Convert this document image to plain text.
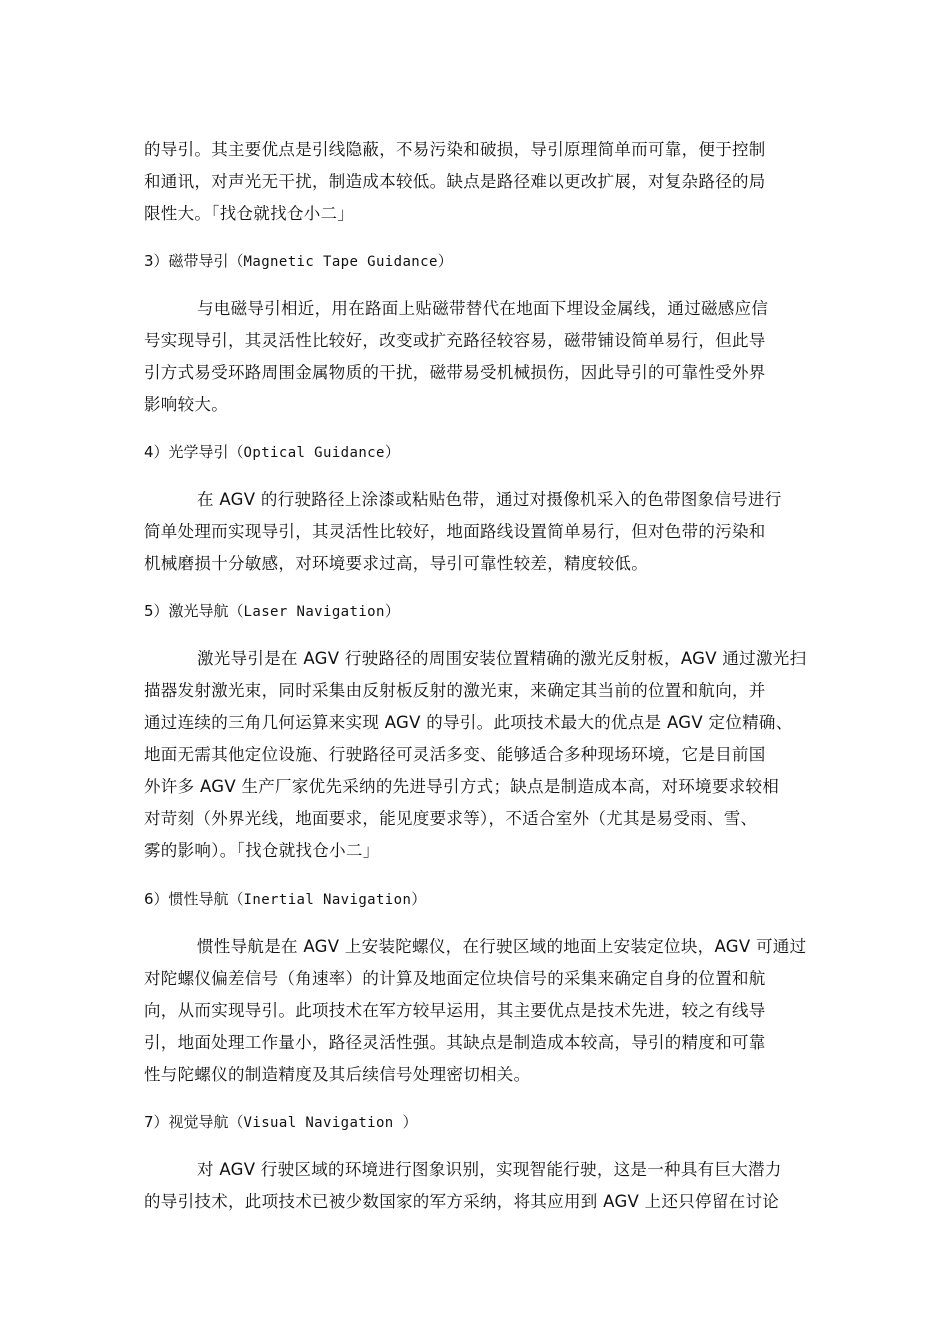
的导引。其主要优点是引线隐蔽，不易污染和破损，导引原理简单而可靠，便于控制
和通讯，对声光无干扰，制造成本较低。缺点是路径难以更改扩展，对复杂路径的局
限性大。「找仓就找仓小二」
3）磁带导引（Magnetic Tape Guidance）
与电磁导引相近，用在路面上贴磁带替代在地面下埋设金属线，通过磁感应信
号实现导引，其灵活性比较好，改变或扩充路径较容易，磁带铺设简单易行，但此导
引方式易受环路周围金属物质的干扰，磁带易受机械损伤，因此导引的可靠性受外界
影响较大。
4）光学导引（Optical Guidance）
在 AGV 的行驶路径上涂漆或粘贴色带，通过对摄像机采入的色带图象信号进行
简单处理而实现导引，其灵活性比较好，地面路线设置简单易行，但对色带的污染和
机械磨损十分敏感，对环境要求过高，导引可靠性较差，精度较低。
5）激光导航（Laser Navigation）
激光导引是在 AGV 行驶路径的周围安装位置精确的激光反射板，AGV 通过激光扫
描器发射激光束，同时采集由反射板反射的激光束，来确定其当前的位置和航向，并
通过连续的三角几何运算来实现 AGV 的导引。此项技术最大的优点是 AGV 定位精确、
地面无需其他定位设施、行驶路径可灵活多变、能够适合多种现场环境，它是目前国
外许多 AGV 生产厂家优先采纳的先进导引方式；缺点是制造成本高，对环境要求较相
对苛刻（外界光线，地面要求，能见度要求等），不适合室外（尤其是易受雨、雪、
雾的影响）。「找仓就找仓小二」
6）惯性导航（Inertial Navigation）
惯性导航是在 AGV 上安装陀螺仪，在行驶区域的地面上安装定位块，AGV 可通过
对陀螺仪偏差信号（角速率）的计算及地面定位块信号的采集来确定自身的位置和航
向，从而实现导引。此项技术在军方较早运用，其主要优点是技术先进，较之有线导
引，地面处理工作量小，路径灵活性强。其缺点是制造成本较高，导引的精度和可靠
性与陀螺仪的制造精度及其后续信号处理密切相关。
7）视觉导航（Visual Navigation ）
对 AGV 行驶区域的环境进行图象识别，实现智能行驶，这是一种具有巨大潜力
的导引技术，此项技术已被少数国家的军方采纳，将其应用到 AGV 上还只停留在讨论
